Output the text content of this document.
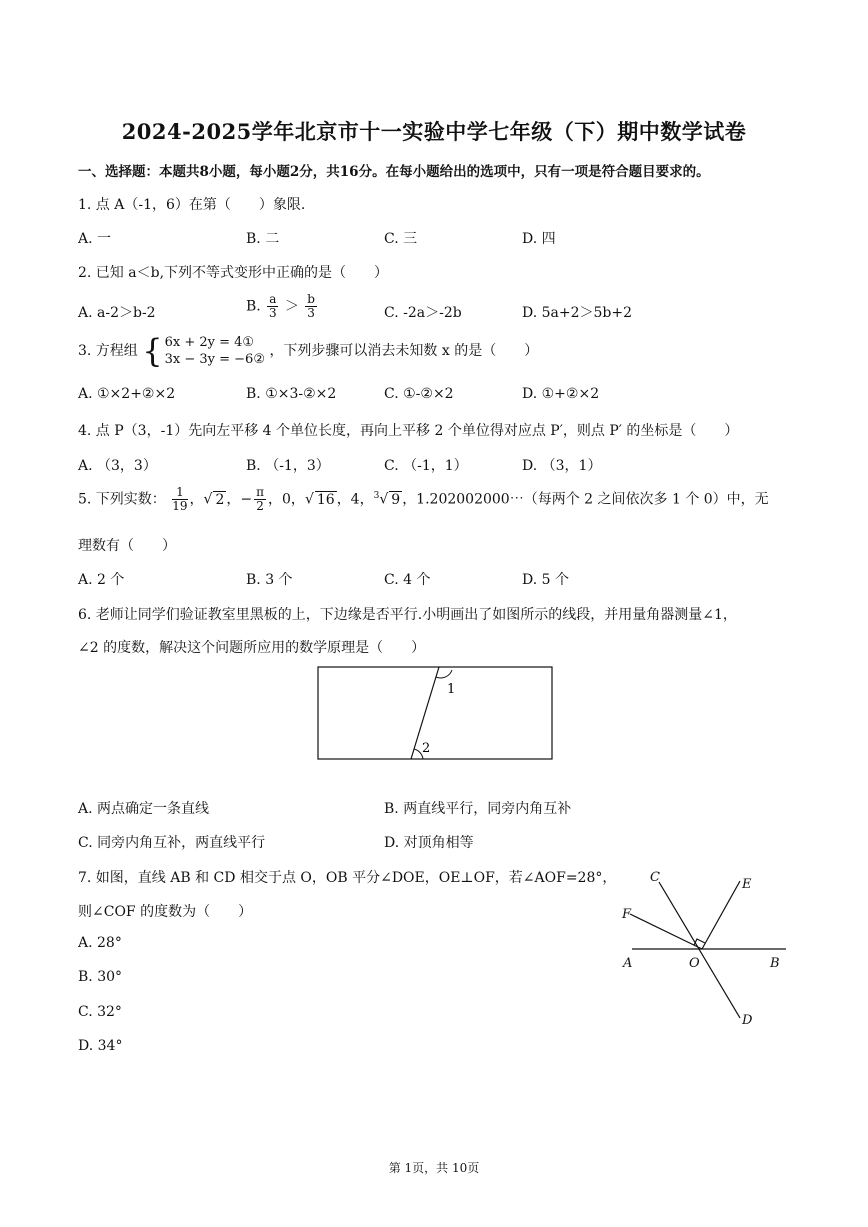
2024-2025学年北京市十一实验中学七年级（下）期中数学试卷
一、选择题：本题共8小题，每小题2分，共16分。在每小题给出的选项中，只有一项是符合题目要求的。
1. 点 A（-1，6）在第（　　）象限.
A. 一	B. 二	C. 三	D. 四
2. 已知 a＜b,下列不等式变形中正确的是（　　）
A. a-2＞b-2	B. $\frac{a}{3} > \frac{b}{3}$	C. -2a＞-2b	D. 5a+2＞5b+2
3. 方程组 { 6x + 2y = 4①
3x − 3y = −6②
，下列步骤可以消去未知数 x 的是（　　）
A. ①×2+②×2	B. ①×3-②×2	C. ①-②×2	D. ①+②×2
4. 点 P（3，-1）先向左平移 4 个单位长度，再向上平移 2 个单位得对应点 P′，则点 P′ 的坐标是（　　）
A. （3，3）	B. （-1，3）	C. （-1，1）	D. （3，1）
5. 下列实数： $\frac{1}{19}$ ，√ 2 ，− $\frac{\pi}{2}$ ，0，√ 16 ，4，$^3$√ 9 ，1.202002000⋯（每两个 2 之间依次多 1 个 0）中，无
理数有（　　）
A. 2 个	B. 3 个	C. 4 个	D. 5 个
6. 老师让同学们验证教室里黑板的上，下边缘是否平行.小明画出了如图所示的线段，并用量角器测量∠1，
∠2 的度数，解决这个问题所应用的数学原理是（　　）
1
2
A. 两点确定一条直线	B. 两直线平行，同旁内角互补
C. 同旁内角互补，两直线平行	D. 对顶角相等
7. 如图，直线 AB 和 CD 相交于点 O，OB 平分∠DOE，OE⊥OF，若∠AOF=28°，
则∠COF 的度数为（　　）
A. 28°
B. 30°
C. 32°
D. 34°
C	E
F
A	O	B
D
第 1页，共 10页
